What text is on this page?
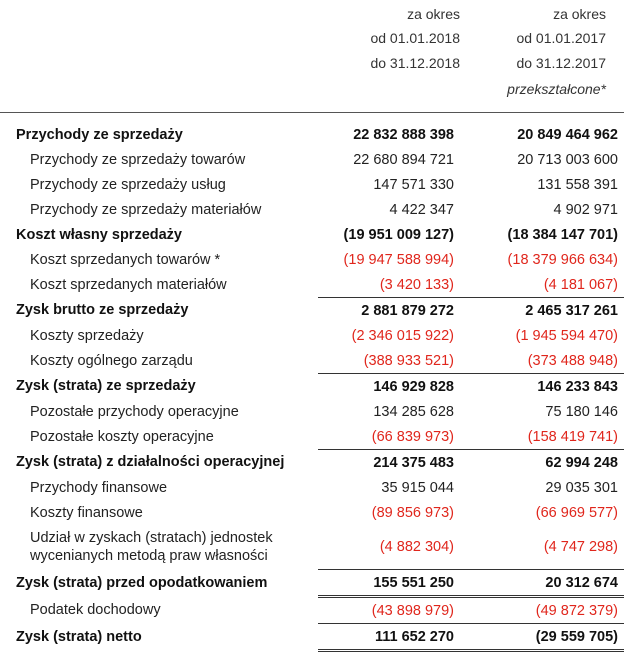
za okres
od 01.01.2018
do 31.12.2018
za okres
od 01.01.2017
do 31.12.2017
przekształcone*
Przychody ze sprzedaży	22 832 888 398	20 849 464 962
Przychody ze sprzedaży towarów	22 680 894 721	20 713 003 600
Przychody ze sprzedaży usług	147 571 330	131 558 391
Przychody ze sprzedaży materiałów	4 422 347	4 902 971
Koszt własny sprzedaży	(19 951 009 127)	(18 384 147 701)
Koszt sprzedanych towarów *	(19 947 588 994)	(18 379 966 634)
Koszt sprzedanych materiałów	(3 420 133)	(4 181 067)
Zysk brutto ze sprzedaży	2 881 879 272	2 465 317 261
Koszty sprzedaży	(2 346 015 922)	(1 945 594 470)
Koszty ogólnego zarządu	(388 933 521)	(373 488 948)
Zysk (strata) ze sprzedaży	146 929 828	146 233 843
Pozostałe przychody operacyjne	134 285 628	75 180 146
Pozostałe koszty operacyjne	(66 839 973)	(158 419 741)
Zysk (strata) z działalności operacyjnej	214 375 483	62 994 248
Przychody finansowe	35 915 044	29 035 301
Koszty finansowe	(89 856 973)	(66 969 577)
Udział w zyskach (stratach) jednostek wycenianych metodą praw własności	(4 882 304)	(4 747 298)
Zysk (strata) przed opodatkowaniem	155 551 250	20 312 674
Podatek dochodowy	(43 898 979)	(49 872 379)
Zysk (strata) netto	111 652 270	(29 559 705)
